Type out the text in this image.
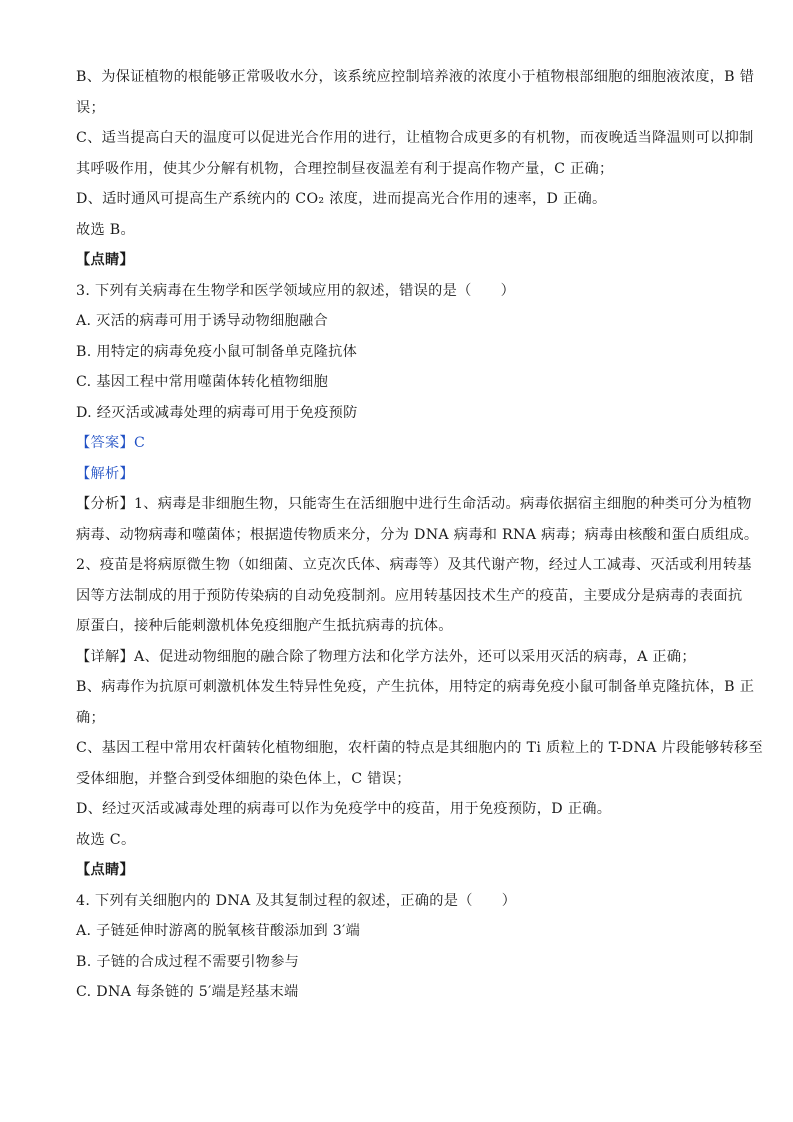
B、为保证植物的根能够正常吸收水分，该系统应控制培养液的浓度小于植物根部细胞的细胞液浓度，B 错
误；
C、适当提高白天的温度可以促进光合作用的进行，让植物合成更多的有机物，而夜晚适当降温则可以抑制
其呼吸作用，使其少分解有机物，合理控制昼夜温差有利于提高作物产量，C 正确；
D、适时通风可提高生产系统内的 CO₂ 浓度，进而提高光合作用的速率，D 正确。
故选 B。
【点睛】
3. 下列有关病毒在生物学和医学领域应用的叙述，错误的是（　　）
A. 灭活的病毒可用于诱导动物细胞融合
B. 用特定的病毒免疫小鼠可制备单克隆抗体
C. 基因工程中常用噬菌体转化植物细胞
D. 经灭活或减毒处理的病毒可用于免疫预防
【答案】C
【解析】
【分析】1、病毒是非细胞生物，只能寄生在活细胞中进行生命活动。病毒依据宿主细胞的种类可分为植物
病毒、动物病毒和噬菌体；根据遗传物质来分，分为 DNA 病毒和 RNA 病毒；病毒由核酸和蛋白质组成。
2、疫苗是将病原微生物（如细菌、立克次氏体、病毒等）及其代谢产物，经过人工减毒、灭活或利用转基
因等方法制成的用于预防传染病的自动免疫制剂。应用转基因技术生产的疫苗，主要成分是病毒的表面抗
原蛋白，接种后能刺激机体免疫细胞产生抵抗病毒的抗体。
【详解】A、促进动物细胞的融合除了物理方法和化学方法外，还可以采用灭活的病毒，A 正确；
B、病毒作为抗原可刺激机体发生特异性免疫，产生抗体，用特定的病毒免疫小鼠可制备单克隆抗体，B 正
确；
C、基因工程中常用农杆菌转化植物细胞，农杆菌的特点是其细胞内的 Ti 质粒上的 T-DNA 片段能够转移至
受体细胞，并整合到受体细胞的染色体上，C 错误；
D、经过灭活或减毒处理的病毒可以作为免疫学中的疫苗，用于免疫预防，D 正确。
故选 C。
【点睛】
4. 下列有关细胞内的 DNA 及其复制过程的叙述，正确的是（　　）
A. 子链延伸时游离的脱氧核苷酸添加到 3′端
B. 子链的合成过程不需要引物参与
C. DNA 每条链的 5′端是羟基末端
